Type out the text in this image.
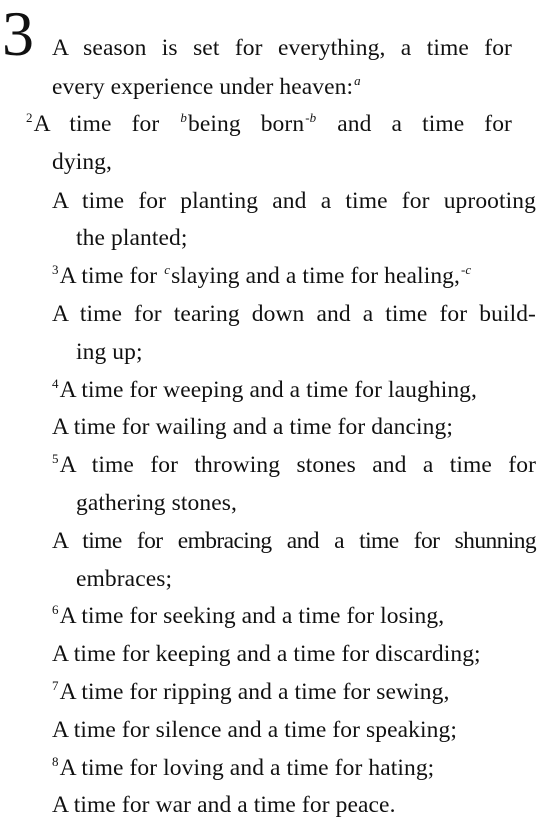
3 A season is set for everything, a time for
every experience under heaven:$^a$
$^2$A time for $^b$being born$^{-b}$ and a time for
dying,
A time for planting and a time for uprooting
the planted;
$^3$A time for $^c$slaying and a time for healing,$^{-c}$
A time for tearing down and a time for build-
ing up;
$^4$A time for weeping and a time for laughing,
A time for wailing and a time for dancing;
$^5$A time for throwing stones and a time for
gathering stones,
A time for embracing and a time for shunning
embraces;
$^6$A time for seeking and a time for losing,
A time for keeping and a time for discarding;
$^7$A time for ripping and a time for sewing,
A time for silence and a time for speaking;
$^8$A time for loving and a time for hating;
A time for war and a time for peace.
